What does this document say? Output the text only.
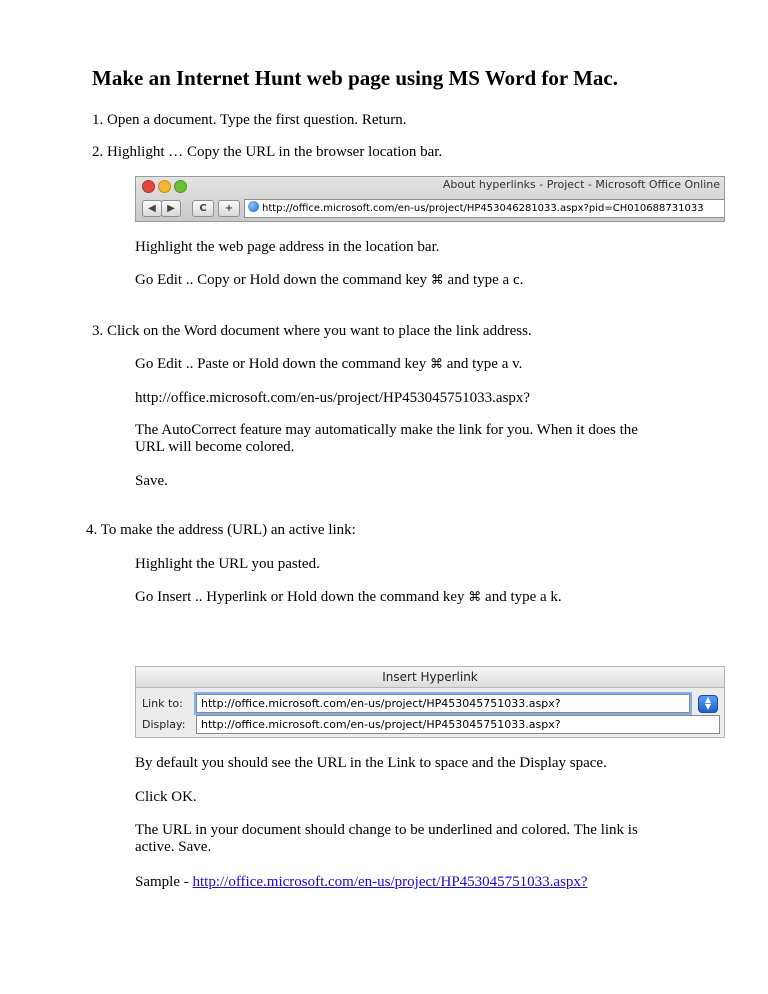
Make an Internet Hunt web page using MS Word for Mac.
1. Open a document. Type the first question. Return.
2. Highlight … Copy the URL in the browser location bar.
About hyperlinks - Project - Microsoft Office Online
◀	▶	C	+	http://office.microsoft.com/en-us/project/HP453046281033.aspx?pid=CH010688731033
Highlight the web page address in the location bar.
Go Edit .. Copy or Hold down the command key ⌘ and type a c.
3. Click on the Word document where you want to place the link address.
Go Edit .. Paste or Hold down the command key ⌘ and type a v.
http://office.microsoft.com/en-us/project/HP453045751033.aspx?
The AutoCorrect feature may automatically make the link for you. When it does the URL will become colored.
Save.
4. To make the address (URL) an active link:
Highlight the URL you pasted.
Go Insert .. Hyperlink or Hold down the command key ⌘ and type a k.
Insert Hyperlink
Link to:	http://office.microsoft.com/en-us/project/HP453045751033.aspx?	▲
▼
Display:	http://office.microsoft.com/en-us/project/HP453045751033.aspx?
By default you should see the URL in the Link to space and the Display space.
Click OK.
The URL in your document should change to be underlined and colored. The link is active. Save.
Sample - http://office.microsoft.com/en-us/project/HP453045751033.aspx?
